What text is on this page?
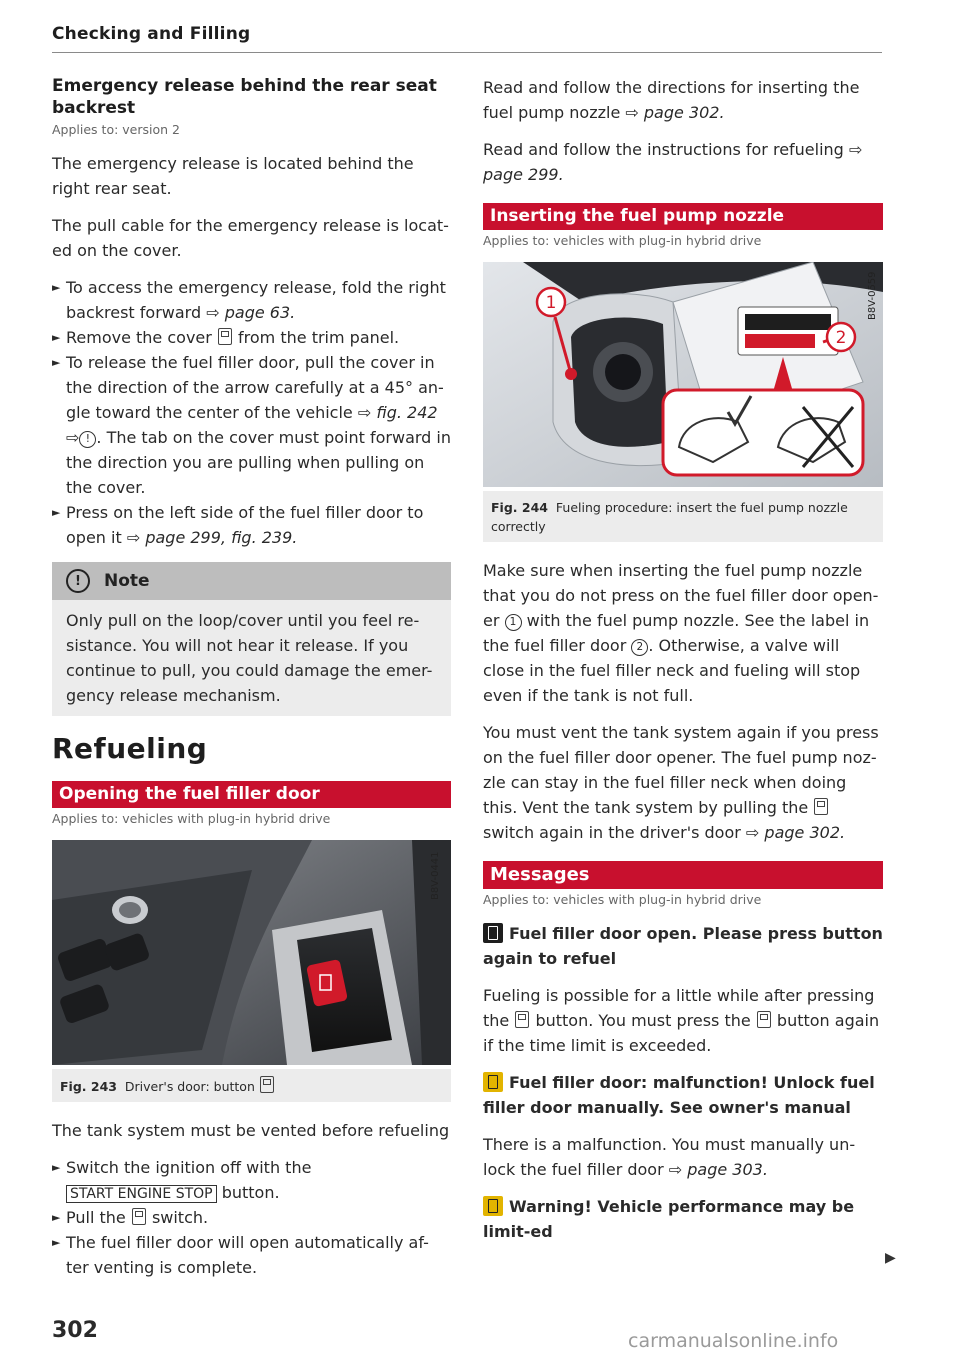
Checking and Filling
Emergency release behind the rear seat backrest
Applies to: version 2

The emergency release is located behind the right rear seat.

The pull cable for the emergency release is locat-ed on the cover.

► To access the emergency release, fold the right backrest forward ⇨ page 63.
► Remove the cover from the trim panel.
► To release the fuel filler door, pull the cover in the direction of the arrow carefully at a 45° an-gle toward the center of the vehicle ⇨ fig. 242 ⇨ ! . The tab on the cover must point forward in the direction you are pulling when pulling on the cover.
► Press on the left side of the fuel filler door to open it ⇨ page 299, fig. 239.
!	Note
Only pull on the loop/cover until you feel re-sistance. You will not hear it release. If you continue to pull, you could damage the emer-gency release mechanism.
Refueling
Opening the fuel filler door
Applies to: vehicles with plug-in hybrid drive
B8V-0441
Fig. 243 Driver's door: button

The tank system must be vented before refueling

► Switch the ignition off with the
START ENGINE STOP button.
► Pull the switch.
► The fuel filler door will open automatically af-ter venting is complete.

Read and follow the directions for inserting the fuel pump nozzle ⇨ page 302.

Read and follow the instructions for refueling ⇨ page 299.

Inserting the fuel pump nozzle
Applies to: vehicles with plug-in hybrid drive
1
2
B8V-0559
Fig. 244 Fueling procedure: insert the fuel pump nozzle correctly

Make sure when inserting the fuel pump nozzle that you do not press on the fuel filler door open-er 1 with the fuel pump nozzle. See the label in the fuel filler door 2 . Otherwise, a valve will close in the fuel filler neck and fueling will stop even if the tank is not full.

You must vent the tank system again if you press on the fuel filler door opener. The fuel pump noz-zle can stay in the fuel filler neck when doing this. Vent the tank system by pulling the  switch again in the driver's door ⇨ page 302.

Messages
Applies to: vehicles with plug-in hybrid drive
Fuel filler door open. Please press button again to refuel

Fueling is possible for a little while after pressing the button. You must press the button again if the time limit is exceeded.

Fuel filler door: malfunction! Unlock fuel filler door manually. See owner's manual

There is a malfunction. You must manually un-lock the fuel filler door ⇨ page 303.

Warning! Vehicle performance may be limit-ed
▶
302	carmanualsonline.info
